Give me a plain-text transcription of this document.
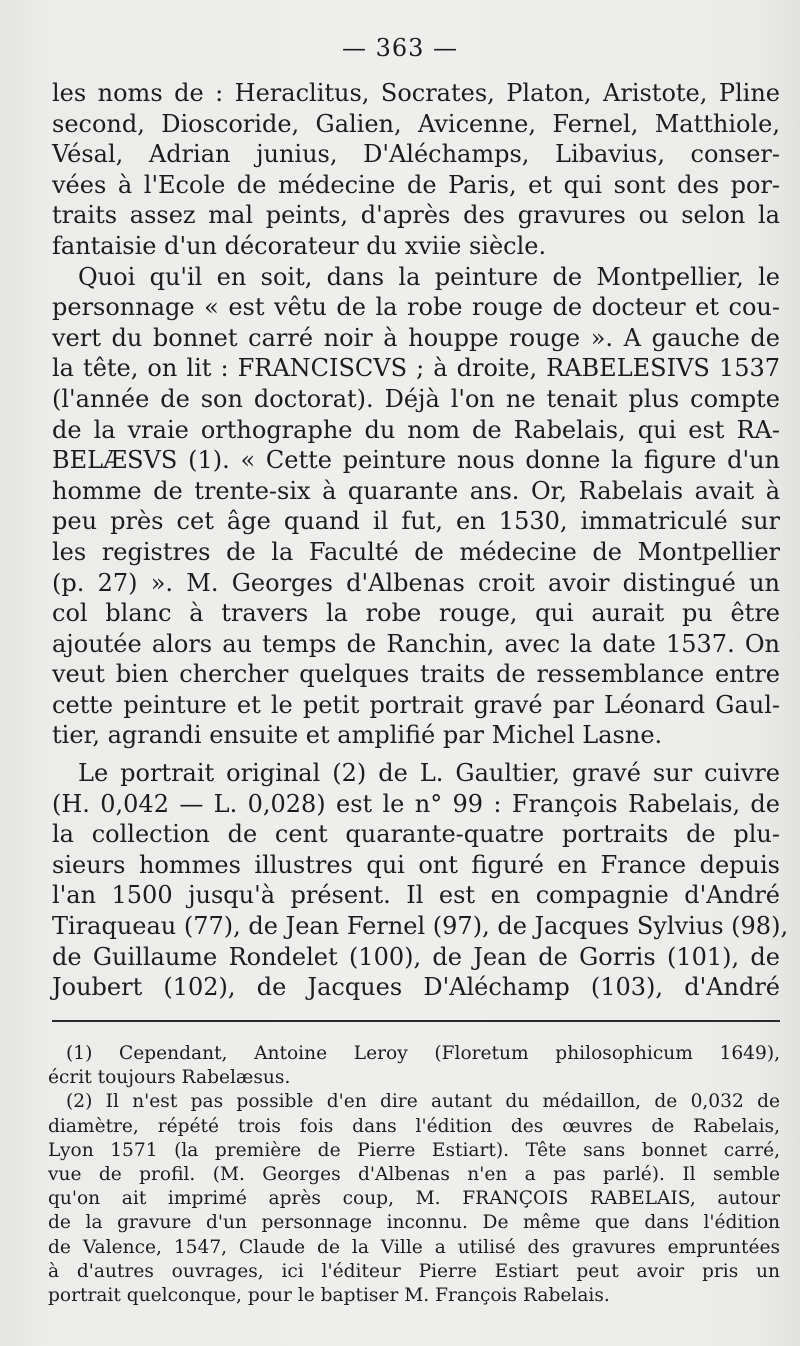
— 363 —

les noms de : Heraclitus, Socrates, Platon, Aristote, Pline
second, Dioscoride, Galien, Avicenne, Fernel, Matthiole,
Vésal, Adrian junius, D'Aléchamps, Libavius, conser-
vées à l'Ecole de médecine de Paris, et qui sont des por-
traits assez mal peints, d'après des gravures ou selon la
fantaisie d'un décorateur du xviie siècle.

Quoi qu'il en soit, dans la peinture de Montpellier, le
personnage « est vêtu de la robe rouge de docteur et cou-
vert du bonnet carré noir à houppe rouge ». A gauche de
la tête, on lit : FRANCISCVS ; à droite, RABELESIVS 1537
(l'année de son doctorat). Déjà l'on ne tenait plus compte
de la vraie orthographe du nom de Rabelais, qui est RA-
BELÆSVS (1). « Cette peinture nous donne la figure d'un
homme de trente-six à quarante ans. Or, Rabelais avait à
peu près cet âge quand il fut, en 1530, immatriculé sur
les registres de la Faculté de médecine de Montpellier
(p. 27) ». M. Georges d'Albenas croit avoir distingué un
col blanc à travers la robe rouge, qui aurait pu être
ajoutée alors au temps de Ranchin, avec la date 1537. On
veut bien chercher quelques traits de ressemblance entre
cette peinture et le petit portrait gravé par Léonard Gaul-
tier, agrandi ensuite et amplifié par Michel Lasne.

Le portrait original (2) de L. Gaultier, gravé sur cuivre
(H. 0,042 — L. 0,028) est le n° 99 : François Rabelais, de
la collection de cent quarante-quatre portraits de plu-
sieurs hommes illustres qui ont figuré en France depuis
l'an 1500 jusqu'à présent. Il est en compagnie d'André
Tiraqueau (77), de Jean Fernel (97), de Jacques Sylvius (98),
de Guillaume Rondelet (100), de Jean de Gorris (101), de
Joubert (102), de Jacques D'Aléchamp (103), d'André

(1) Cependant, Antoine Leroy (Floretum philosophicum 1649),
écrit toujours Rabelæsus.
(2) Il n'est pas possible d'en dire autant du médaillon, de 0,032 de
diamètre, répété trois fois dans l'édition des œuvres de Rabelais,
Lyon 1571 (la première de Pierre Estiart). Tête sans bonnet carré,
vue de profil. (M. Georges d'Albenas n'en a pas parlé). Il semble
qu'on ait imprimé après coup, M. FRANÇOIS RABELAIS, autour
de la gravure d'un personnage inconnu. De même que dans l'édition
de Valence, 1547, Claude de la Ville a utilisé des gravures empruntées
à d'autres ouvrages, ici l'éditeur Pierre Estiart peut avoir pris un
portrait quelconque, pour le baptiser M. François Rabelais.
